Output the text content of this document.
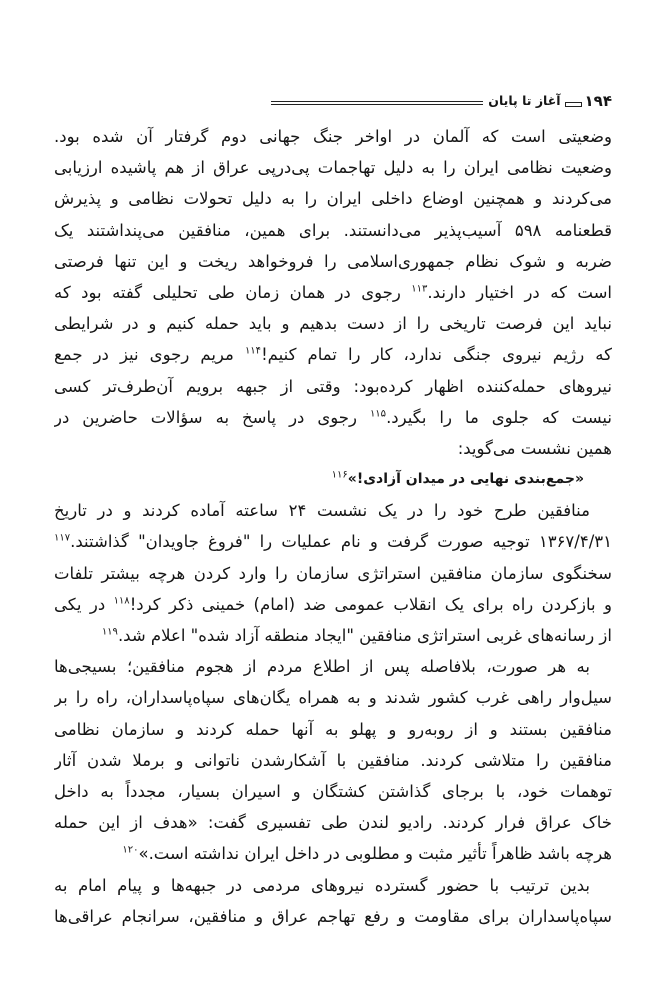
۱۹۴
آغاز تا پایان
وضعیتی است که آلمان در اواخر جنگ جهانی دوم گرفتار آن شده بود.
وضعیت نظامی ایران را به دلیل تهاجمات پی‌درپی عراق از هم پاشیده ارزیابی
می‌کردند و همچنین اوضاع داخلی ایران را به دلیل تحولات نظامی و پذیرش
قطعنامه ۵۹۸ آسیب‌پذیر می‌دانستند. برای همین، منافقین می‌پنداشتند یک
ضربه و شوک نظام جمهوری‌اسلامی را فروخواهد ریخت و این تنها فرصتی
است که در اختیار دارند.$^{۱۱۳}$ رجوی در همان زمان طی تحلیلی گفته بود که
نباید این فرصت تاریخی را از دست بدهیم و باید حمله کنیم و در شرایطی
که رژیم نیروی جنگی ندارد، کار را تمام کنیم!$^{۱۱۴}$ مریم رجوی نیز در جمع
نیروهای حمله‌کننده اظهار کرده‌بود: وقتی از جبهه برویم آن‌طرف‌تر کسی
نیست که جلوی ما را بگیرد.$^{۱۱۵}$ رجوی در پاسخ به سؤالات حاضرین در
همین نشست می‌گوید:
«جمع‌بندی نهایی در میدان آزادی!»$^{۱۱۶}$
منافقین طرح خود را در یک نشست ۲۴ ساعته آماده کردند و در تاریخ
۱۳۶۷/۴/۳۱ توجیه صورت گرفت و نام عملیات را "فروغ جاویدان" گذاشتند.$^{۱۱۷}$
سخنگوی سازمان منافقین استراتژی سازمان را وارد کردن هرچه بیشتر تلفات
و بازکردن راه برای یک انقلاب عمومی ضد (امام) خمینی ذکر کرد!$^{۱۱۸}$ در یکی
از رسانه‌های غربی استراتژی منافقین "ایجاد منطقه آزاد شده" اعلام شد.$^{۱۱۹}$
به هر صورت، بلافاصله پس از اطلاع مردم از هجوم منافقین؛ بسیجی‌ها
سیل‌وار راهی غرب کشور شدند و به همراه یگان‌های سپاه‌پاسداران، راه را بر
منافقین بستند و از روبه‌رو و پهلو به آنها حمله کردند و سازمان نظامی
منافقین را متلاشی کردند. منافقین با آشکارشدن ناتوانی و برملا شدن آثار
توهمات خود، با برجای گذاشتن کشتگان و اسیران بسیار، مجدداً به داخل
خاک عراق فرار کردند. رادیو لندن طی تفسیری گفت: «هدف از این حمله
هرچه باشد ظاهراً تأثیر مثبت و مطلوبی در داخل ایران نداشته است.»$^{۱۲۰}$
بدین ترتیب با حضور گسترده نیروهای مردمی در جبهه‌ها و پیام امام به
سپاه‌پاسداران برای مقاومت و رفع تهاجم عراق و منافقین، سرانجام عراقی‌ها
